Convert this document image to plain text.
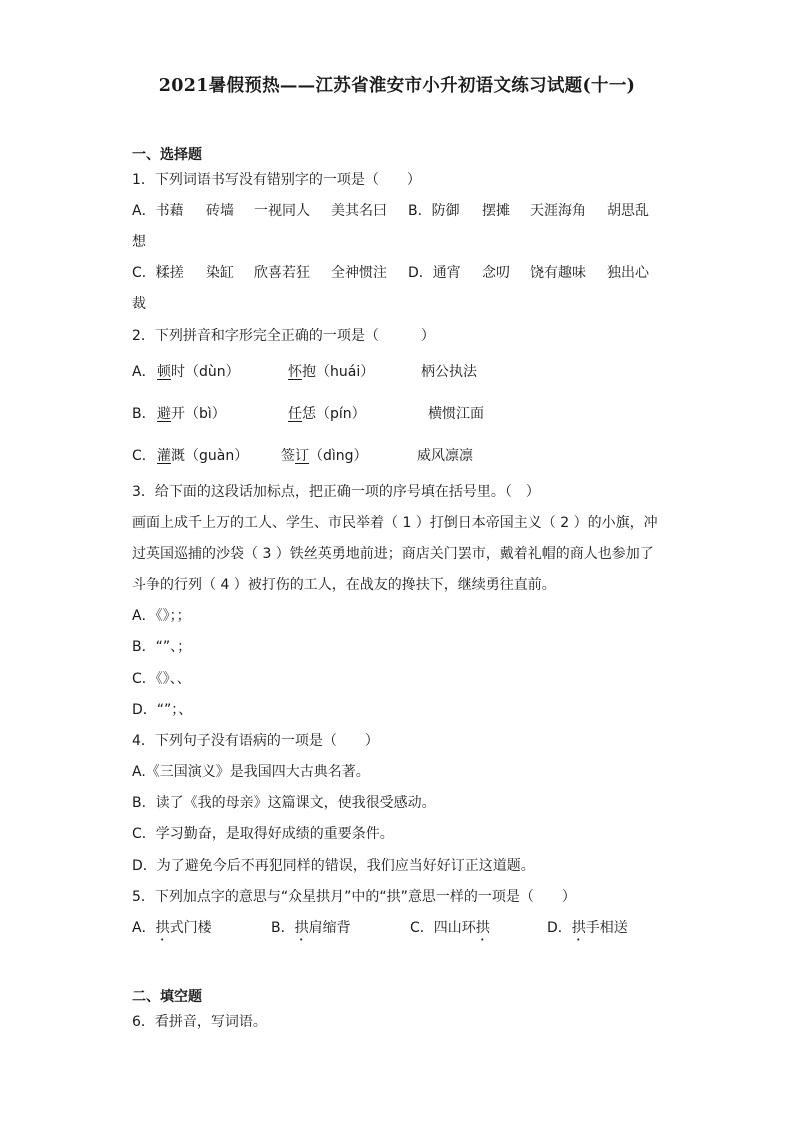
2021暑假预热——江苏省淮安市小升初语文练习试题(十一)
一、选择题
1．下列词语书写没有错别字的一项是（　　）
A．书藉 砖墙 一视同人 美其名曰 B．防御 摆摊 天涯海角 胡思乱
想
C．糅搓 染缸 欣喜若狂 全神惯注 D．通宵 念叨 饶有趣味 独出心
裁
2．下列拼音和字形完全正确的一项是（　　　）
A． 顿时（dùn）	怀抱（huái）	柄公执法
B． 避开（bì）	任恁（pín）	横惯江面
C． 灌溉（guàn） 签订（dìng）	威风凛凛
3．给下面的这段话加标点，把正确一项的序号填在括号里。（　）
画面上成千上万的工人、学生、市民举着（ 1 ）打倒日本帝国主义（ 2 ）的小旗，冲
过英国巡捕的沙袋（ 3 ）铁丝英勇地前进；商店关门罢市，戴着礼帽的商人也参加了
斗争的行列（ 4 ）被打伤的工人，在战友的搀扶下，继续勇往直前。
A．《》；；
B．“”、；
C．《》、、
D．“”；、
4．下列句子没有语病的一项是（　　）
A.《三国演义》是我国四大古典名著。
B．读了《我的母亲》这篇课文，使我很受感动。
C．学习勤奋，是取得好成绩的重要条件。
D．为了避免今后不再犯同样的错误，我们应当好好订正这道题。
5．下列加点字的意思与“众星拱月”中的“拱”意思一样的一项是（　　）
A．拱式门楼	B．拱肩缩背	C．四山环拱	D．拱手相送
二、填空题
6．看拼音，写词语。
